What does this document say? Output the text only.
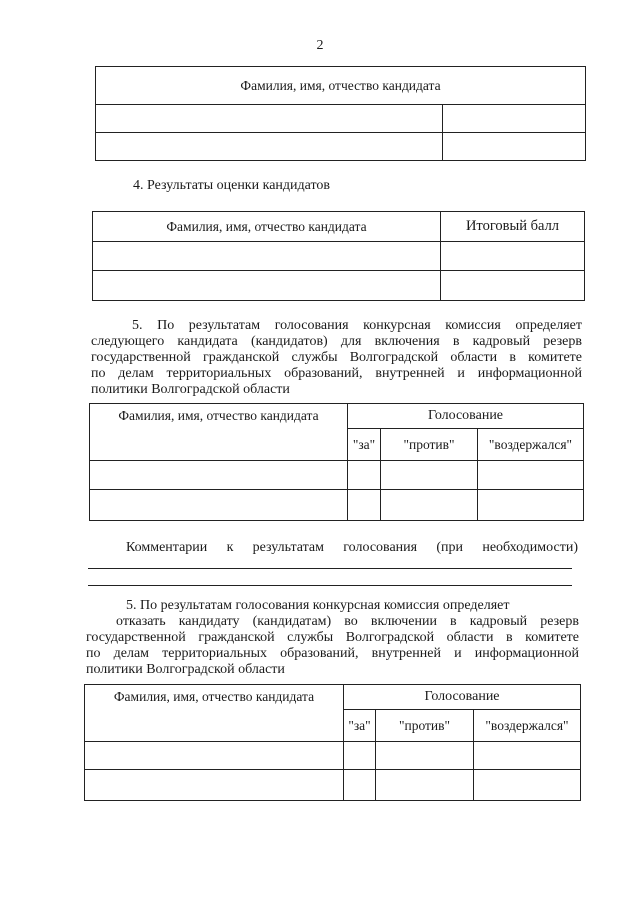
2
Фамилия, имя, отчество кандидата	

4. Результаты оценки кандидатов
Фамилия, имя, отчество кандидата	Итоговый балл

5. По результатам голосования конкурсная комиссия определяет
следующего кандидата (кандидатов) для включения в кадровый резерв
государственной гражданской службы Волгоградской области в комитете
по делам территориальных образований, внутренней и информационной
политики Волгоградской области
Фамилия, имя, отчество кандидата	Голосование		
	"за"	"против"	"воздержался"

Комментарии к результатам голосования (при необходимости)
5. По результатам голосования конкурсная комиссия определяет
отказать кандидату (кандидатам) во включении в кадровый резерв
государственной гражданской службы Волгоградской области в комитете
по делам территориальных образований, внутренней и информационной
политики Волгоградской области
Фамилия, имя, отчество кандидата	Голосование		
	"за"	"против"	"воздержался"
